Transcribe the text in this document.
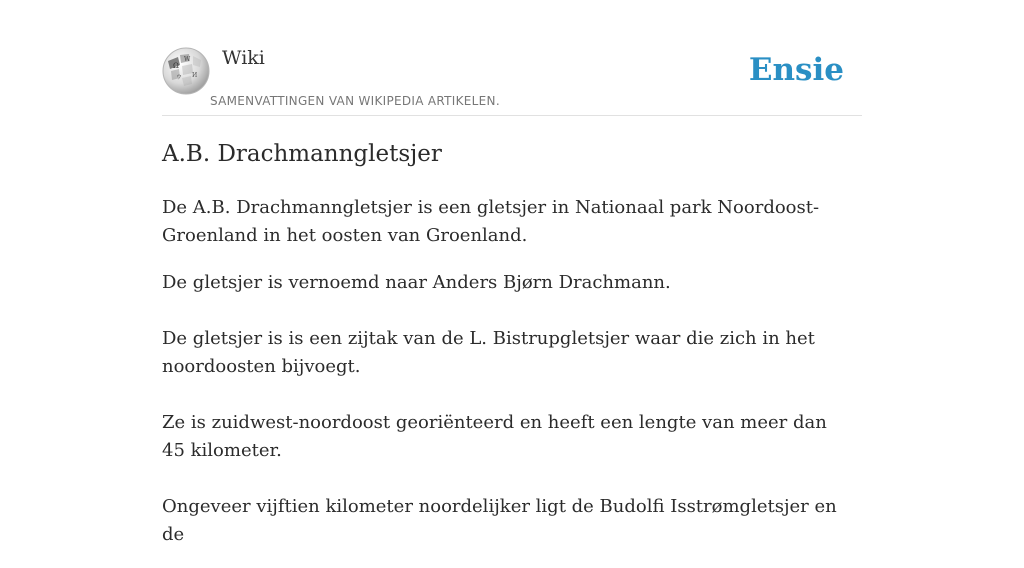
Ω
W
И
ウ
Wiki
SAMENVATTINGEN VAN WIKIPEDIA ARTIKELEN.
Ensie
A.B. Drachmanngletsjer

De A.B. Drachmanngletsjer is een gletsjer in Nationaal park Noordoost-Groenland in het oosten van Groenland.

De gletsjer is vernoemd naar Anders Bjørn Drachmann.

De gletsjer is is een zijtak van de L. Bistrupgletsjer waar die zich in het noordoosten bijvoegt.

Ze is zuidwest-noordoost georiënteerd en heeft een lengte van meer dan 45 kilometer.

Ongeveer vijftien kilometer noordelijker ligt de Budolfi Isstrømgletsjer en de
